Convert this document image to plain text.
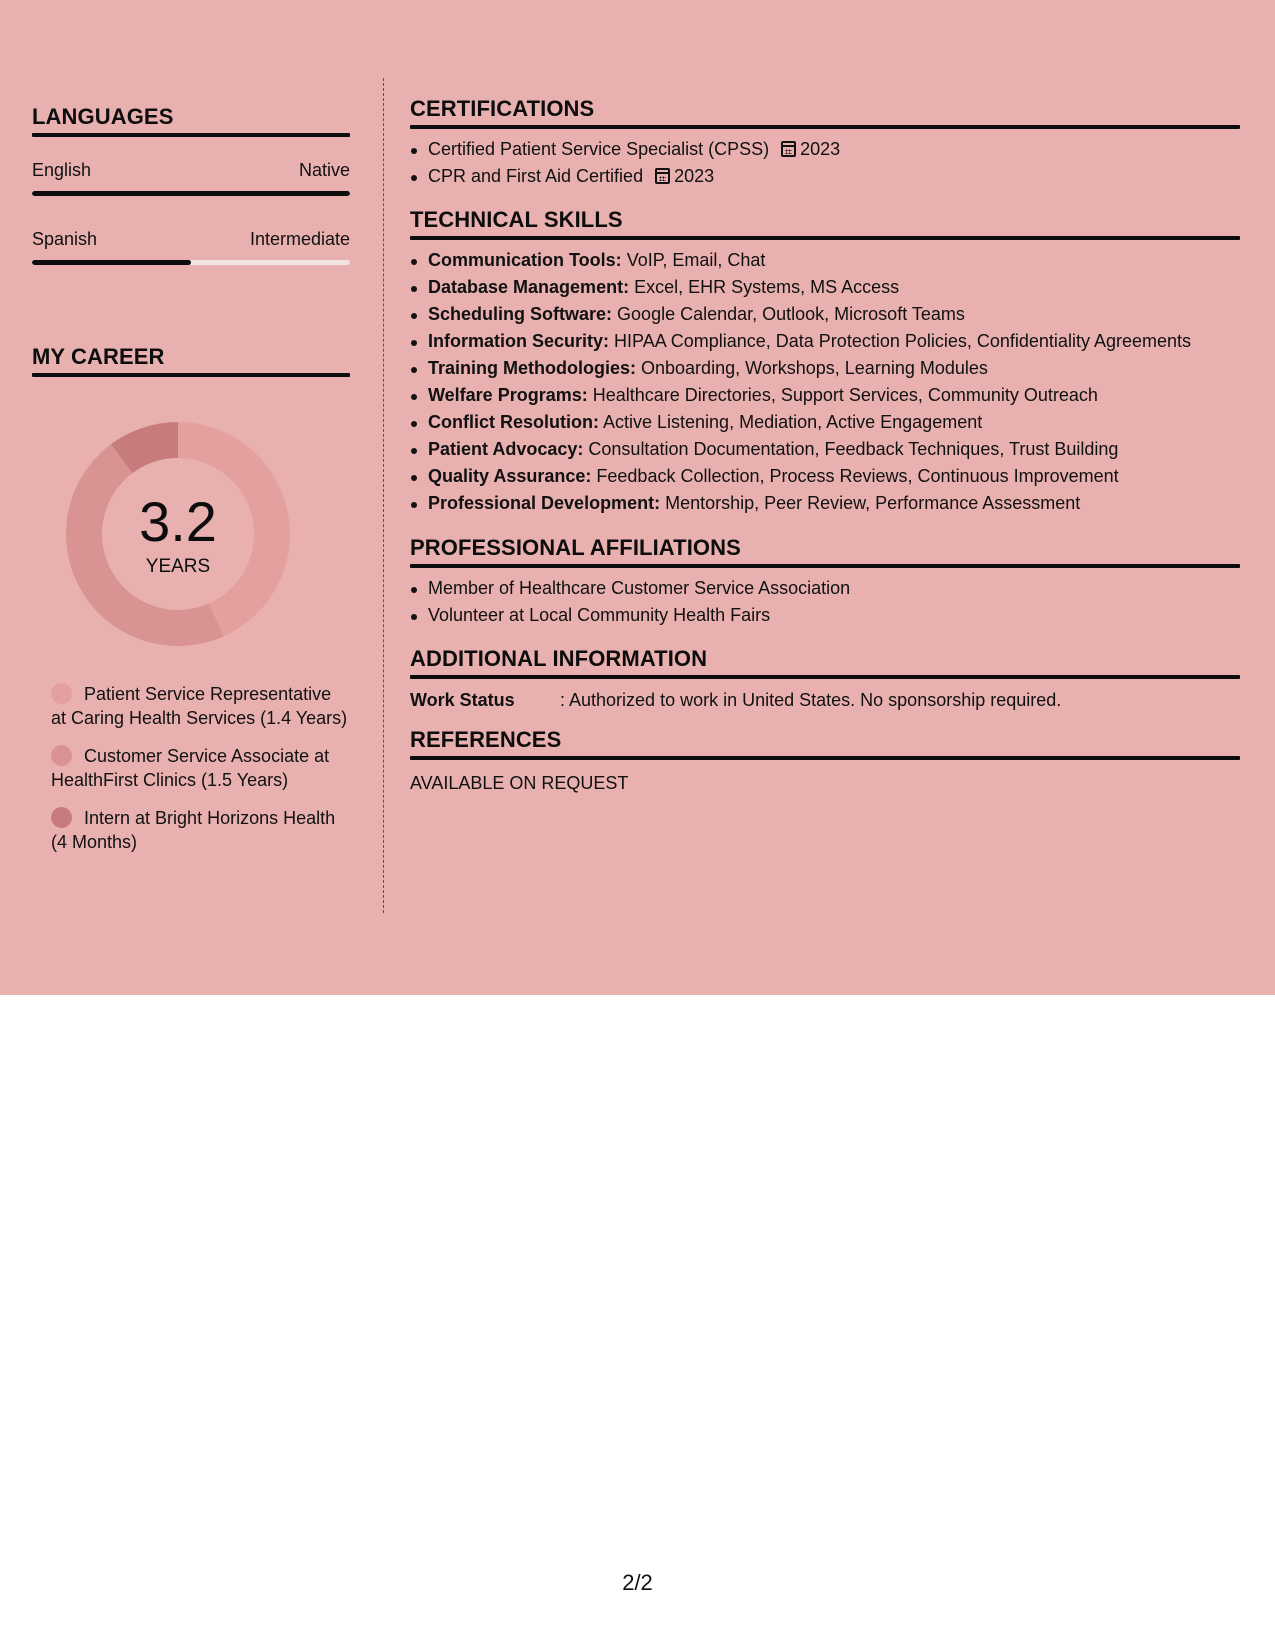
LANGUAGES
English	Native
Spanish	Intermediate
MY CAREER
3.2
YEARS
Patient Service Representative at Caring Health Services (1.4 Years)
Customer Service Associate at HealthFirst Clinics (1.5 Years)
Intern at Bright Horizons Health (4 Months)
CERTIFICATIONS
Certified Patient Service Specialist (CPSS) 2023
CPR and First Aid Certified 2023
TECHNICAL SKILLS
Communication Tools: VoIP, Email, Chat
Database Management: Excel, EHR Systems, MS Access
Scheduling Software: Google Calendar, Outlook, Microsoft Teams
Information Security: HIPAA Compliance, Data Protection Policies, Confidentiality Agreements
Training Methodologies: Onboarding, Workshops, Learning Modules
Welfare Programs: Healthcare Directories, Support Services, Community Outreach
Conflict Resolution: Active Listening, Mediation, Active Engagement
Patient Advocacy: Consultation Documentation, Feedback Techniques, Trust Building
Quality Assurance: Feedback Collection, Process Reviews, Continuous Improvement
Professional Development: Mentorship, Peer Review, Performance Assessment
PROFESSIONAL AFFILIATIONS
Member of Healthcare Customer Service Association
Volunteer at Local Community Health Fairs
ADDITIONAL INFORMATION
Work Status	: Authorized to work in United States. No sponsorship required.
REFERENCES
AVAILABLE ON REQUEST
2/2
